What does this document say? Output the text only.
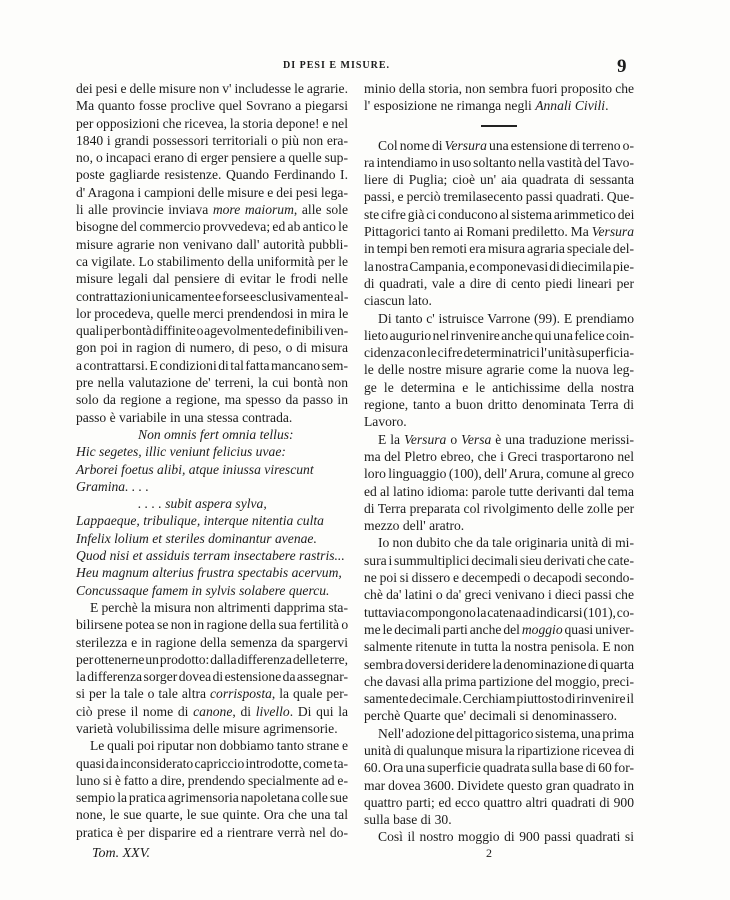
DI PESI E MISURE.	9
dei pesi e delle misure non v' includesse le agrarie.
Ma quanto fosse proclive quel Sovrano a piegarsi
per opposizioni che ricevea, la storia depone! e nel
1840 i grandi possessori territoriali o più non era-
no, o incapaci erano di erger pensiere a quelle sup-
poste gagliarde resistenze. Quando Ferdinando I.
d' Aragona i campioni delle misure e dei pesi lega-
li alle provincie inviava more maiorum, alle sole
bisogne del commercio provvedeva; ed ab antico le
misure agrarie non venivano dall' autorità pubbli-
ca vigilate. Lo stabilimento della uniformità per le
misure legali dal pensiere di evitar le frodi nelle
contrattazioni unicamente e forse esclusivamente al-
lor procedeva, quelle merci prendendosi in mira le
quali per bontà diffinite o agevolmente definibili ven-
gon poi in ragion di numero, di peso, o di misura
a contrattarsi. E condizioni di tal fatta mancano sem-
pre nella valutazione de' terreni, la cui bontà non
solo da regione a regione, ma spesso da passo in
passo è variabile in una stessa contrada.
Non omnis fert omnia tellus:
Hic segetes, illic veniunt felicius uvae:
Arborei foetus alibi, atque iniussa virescunt
Gramina. . . .
. . . . subit aspera sylva,
Lappaeque, tribulique, interque nitentia culta
Infelix lolium et steriles dominantur avenae.
Quod nisi et assiduis terram insectabere rastris...
Heu magnum alterius frustra spectabis acervum,
Concussaque famem in sylvis solabere quercu.
E perchè la misura non altrimenti dapprima sta-
bilirsene potea se non in ragione della sua fertilità o
sterilezza e in ragione della semenza da spargervi
per ottenerne un prodotto: dalla differenza delle terre,
la differenza sorger dovea di estensione da assegnar-
si per la tale o tale altra corrisposta, la quale per-
ciò prese il nome di canone, di livello. Di qui la
varietà volubilissima delle misure agrimensorie.
Le quali poi riputar non dobbiamo tanto strane e
quasi da inconsiderato capriccio introdotte, come ta-
luno si è fatto a dire, prendendo specialmente ad e-
sempio la pratica agrimensoria napoletana colle sue
none, le sue quarte, le sue quinte. Ora che una tal
pratica è per disparire ed a rientrare verrà nel do-
minio della storia, non sembra fuori proposito che
l' esposizione ne rimanga negli Annali Civili.
Col nome di Versura una estensione di terreno o-
ra intendiamo in uso soltanto nella vastità del Tavo-
liere di Puglia; cioè un' aia quadrata di sessanta
passi, e perciò tremilasecento passi quadrati. Que-
ste cifre già ci conducono al sistema arimmetico dei
Pittagorici tanto ai Romani prediletto. Ma Versura
in tempi ben remoti era misura agraria speciale del-
la nostra Campania, e componevasi di diecimila pie-
di quadrati, vale a dire di cento piedi lineari per
ciascun lato.
Di tanto c' istruisce Varrone (99). E prendiamo
lieto augurio nel rinvenire anche qui una felice coin-
cidenza con le cifre determinatrici l' unità superficia-
le delle nostre misure agrarie come la nuova leg-
ge le determina e le antichissime della nostra
regione, tanto a buon dritto denominata Terra di
Lavoro.
E la Versura o Versa è una traduzione merissi-
ma del Pletro ebreo, che i Greci trasportarono nel
loro linguaggio (100), dell' Arura, comune al greco
ed al latino idioma: parole tutte derivanti dal tema
di Terra preparata col rivolgimento delle zolle per
mezzo dell' aratro.
Io non dubito che da tale originaria unità di mi-
sura i summultiplici decimali sieu derivati che cate-
ne poi si dissero e decempedi o decapodi secondo-
chè da' latini o da' greci venivano i dieci passi che
tuttavia compongono la catena ad indicarsi (101), co-
me le decimali parti anche del moggio quasi univer-
salmente ritenute in tutta la nostra penisola. E non
sembra doversi deridere la denominazione di quarta
che davasi alla prima partizione del moggio, preci-
samente decimale. Cerchiam piuttosto di rinvenire il
perchè Quarte que' decimali si denominassero.
Nell' adozione del pittagorico sistema, una prima
unità di qualunque misura la ripartizione ricevea di
60. Ora una superficie quadrata sulla base di 60 for-
mar dovea 3600. Dividete questo gran quadrato in
quattro parti; ed ecco quattro altri quadrati di 900
sulla base di 30.
Così il nostro moggio di 900 passi quadrati si
Tom. XXV.	2
